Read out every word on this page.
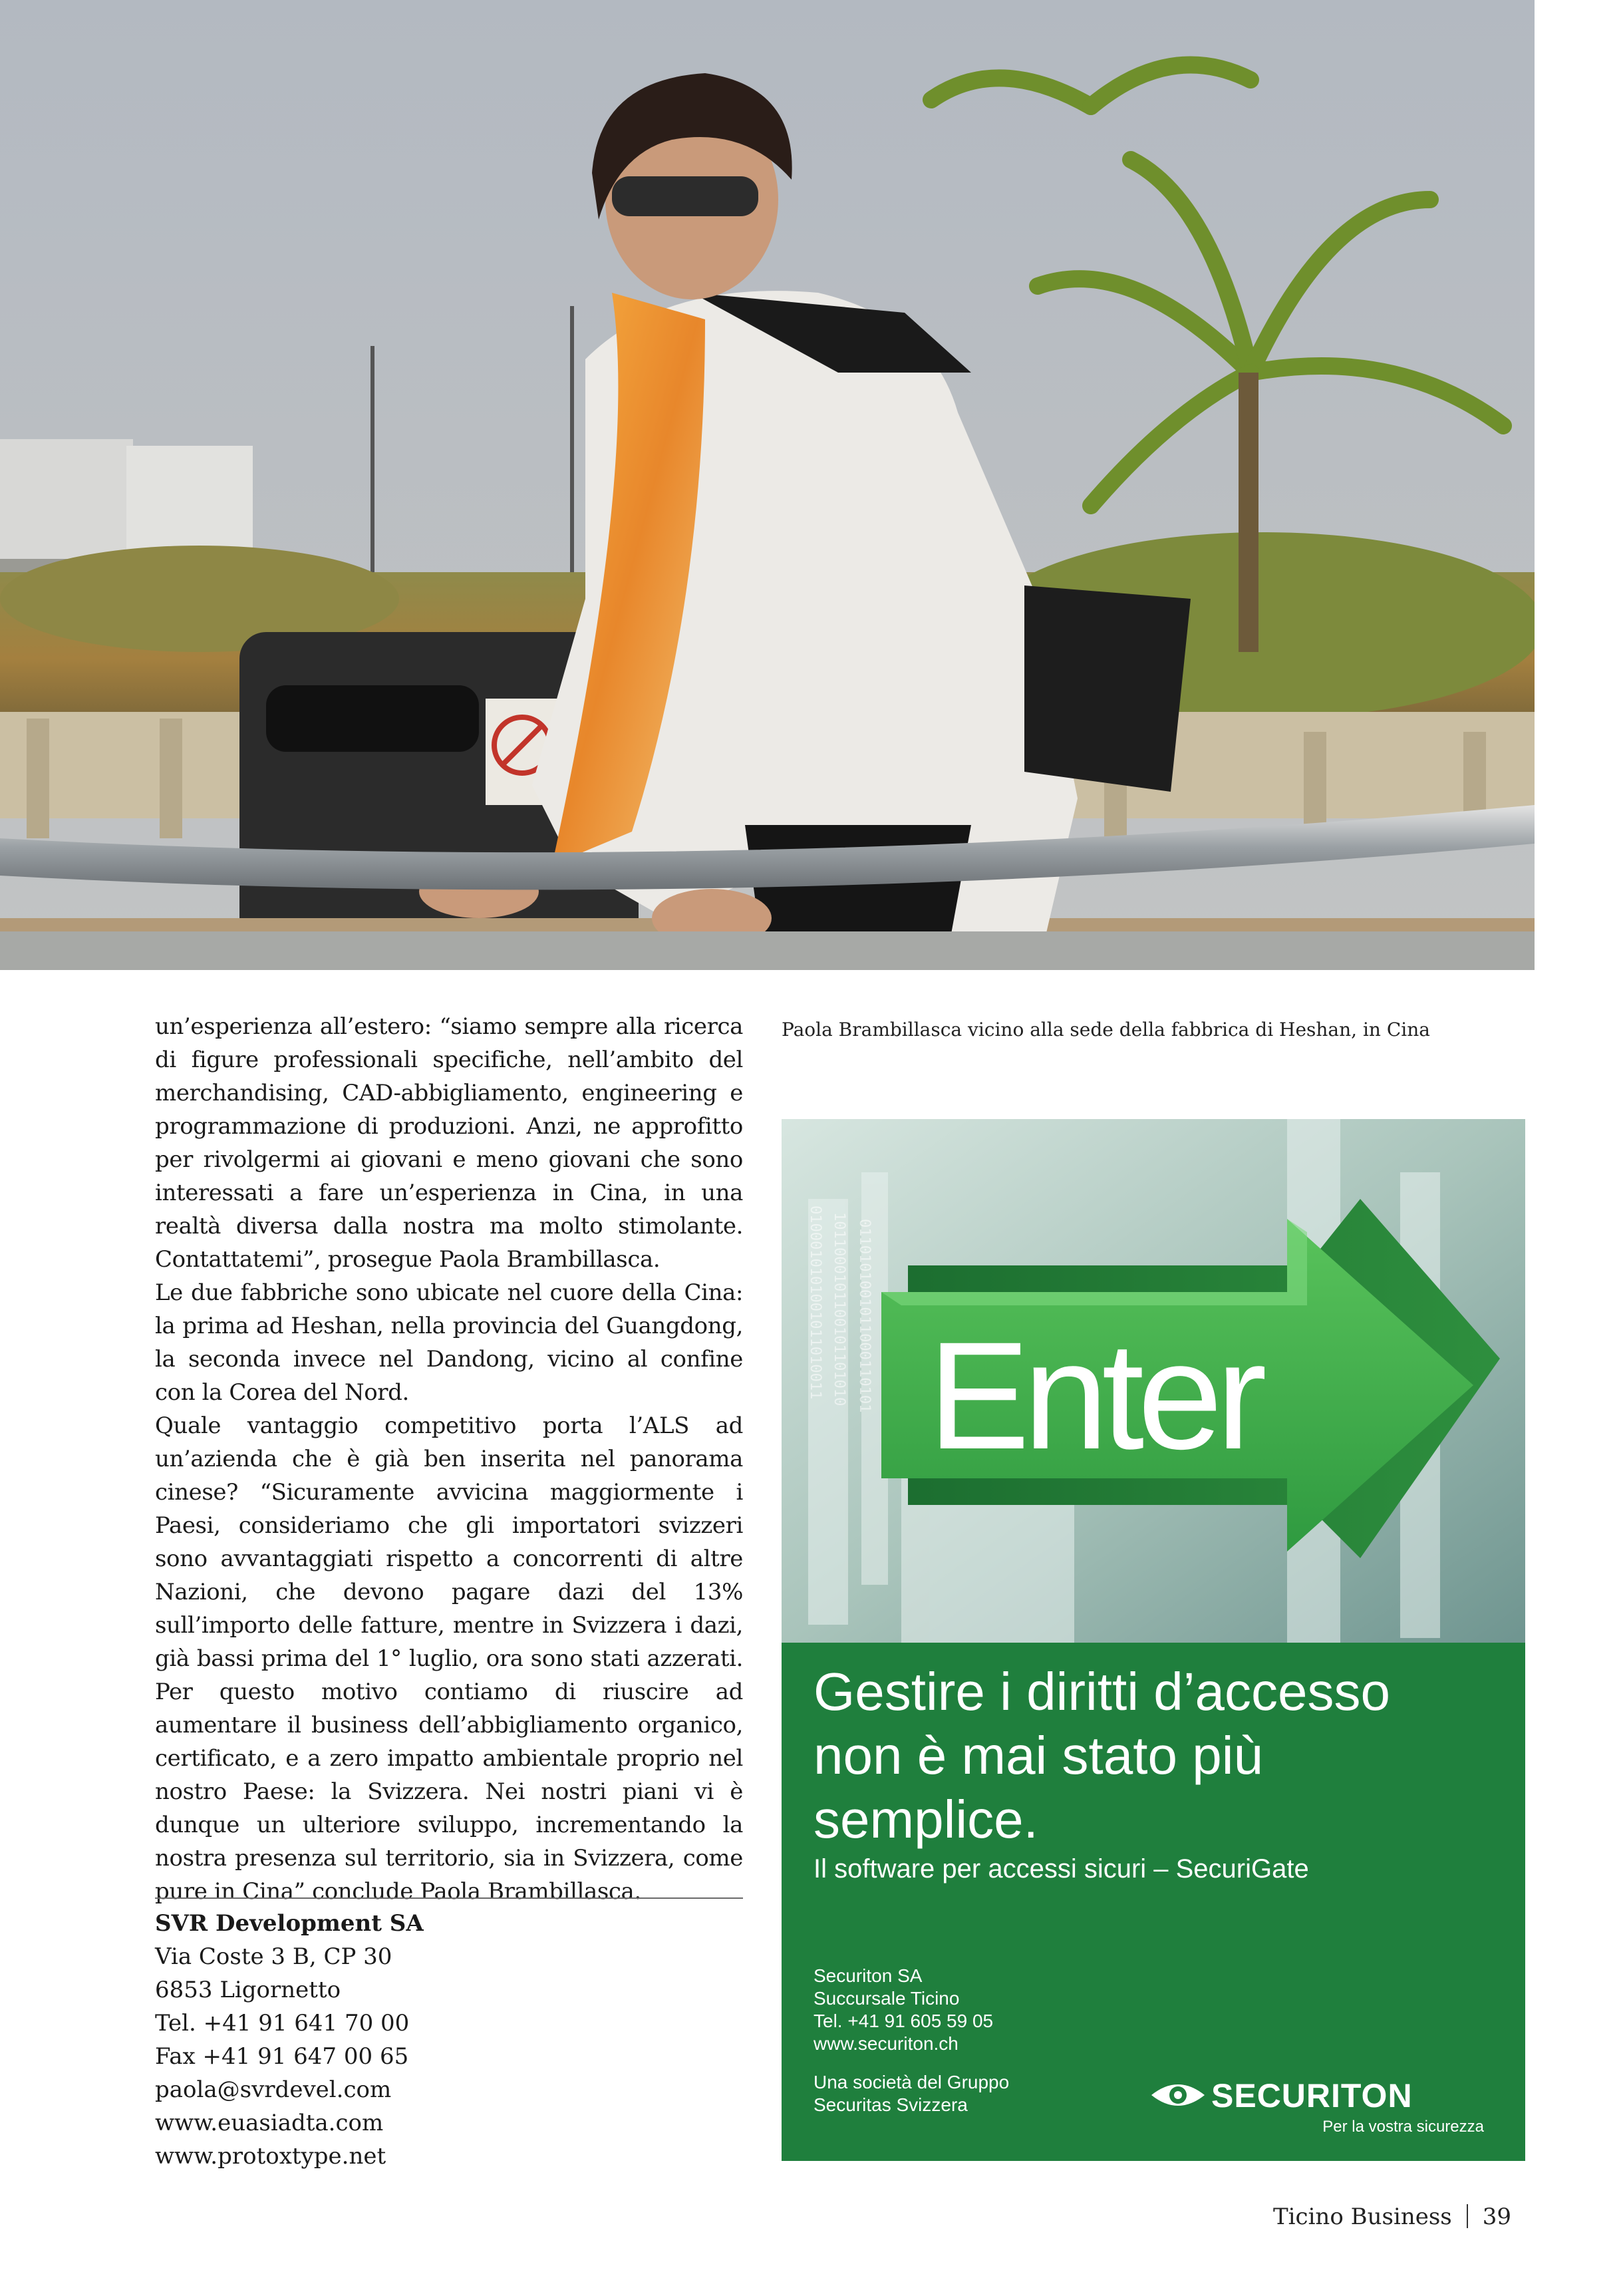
un’esperienza all’estero: “siamo sempre alla ricerca di figure professionali specifiche, nell’ambito del merchandising, CAD-abbigliamento, engineering e programmazione di produzioni. Anzi, ne approfitto per rivolgermi ai giovani e meno giovani che sono interessati a fare un’esperienza in Cina, in una realtà diversa dalla nostra ma molto stimolante. Contattatemi”, prosegue Paola Brambillasca.

Le due fabbriche sono ubicate nel cuore della Cina: la prima ad Heshan, nella provincia del Guangdong, la seconda invece nel Dandong, vicino al confine con la Corea del Nord.

Quale vantaggio competitivo porta l’ALS ad un’azienda che è già ben inserita nel panorama cinese? “Sicuramente avvicina maggiormente i Paesi, consideriamo che gli importatori svizzeri sono avvantaggiati rispetto a concorrenti di altre Nazioni, che devono pagare dazi del 13% sull’importo delle fatture, mentre in Svizzera i dazi, già bassi prima del 1° luglio, ora sono stati azzerati. Per questo motivo contiamo di riuscire ad aumentare il business dell’abbigliamento organico, certificato, e a zero impatto ambientale proprio nel nostro Paese: la Svizzera. Nei nostri piani vi è dunque un ulteriore sviluppo, incrementando la nostra presenza sul territorio, sia in Svizzera, come pure in Cina” conclude Paola Brambillasca.

SVR Development SA
Via Coste 3 B, CP 30
6853 Ligornetto
Tel. +41 91 641 70 00
Fax +41 91 647 00 65
paola@svrdevel.com
www.euasiadta.com
www.protoxtype.net
Paola Brambillasca vicino alla sede della fabbrica di Heshan, in Cina
0100010101001011010011 1011000101100101101010 0110101001011000110101 Enter
Gestire i diritti d’accesso
non è mai stato più
semplice.
Il software per accessi sicuri – SecuriGate
Securiton SA
Succursale Ticino
Tel. +41 91 605 59 05
www.securiton.ch
Una società del Gruppo
Securitas Svizzera	SECURITON
Per la vostra sicurezza
Ticino Business 39
